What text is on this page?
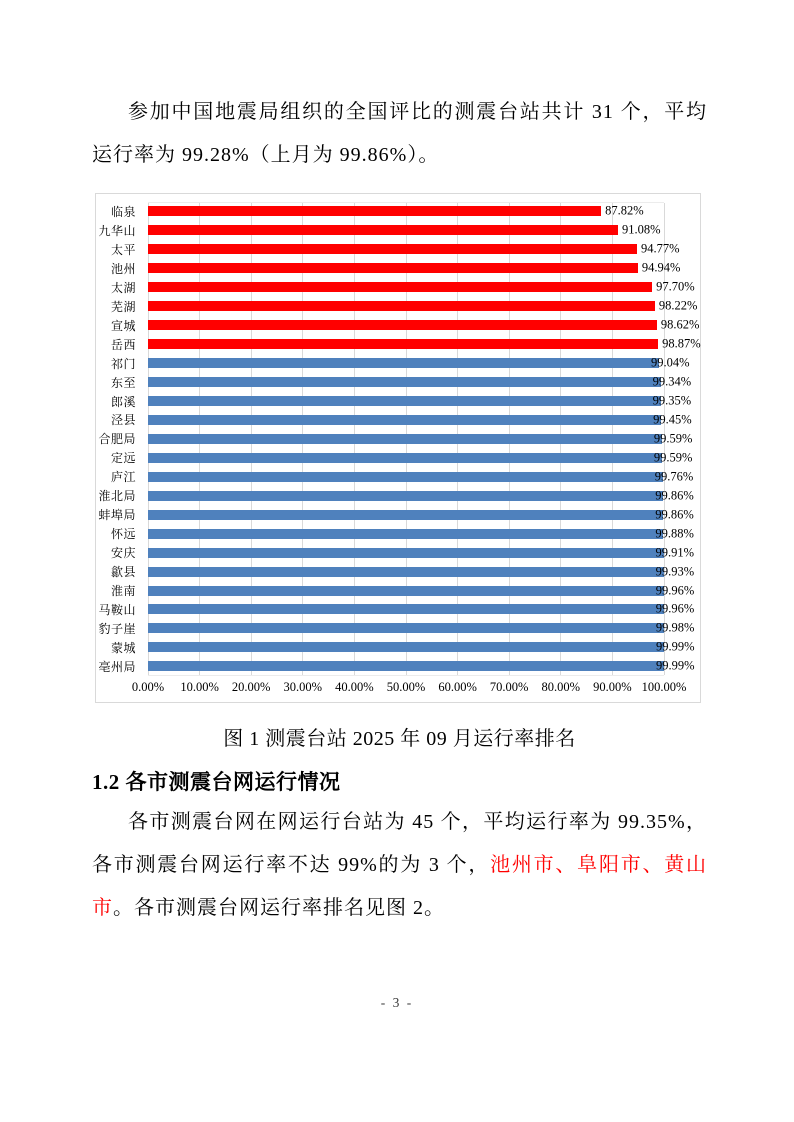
参加中国地震局组织的全国评比的测震台站共计 31 个，平均
运行率为 99.28%（上月为 99.86%）。
临泉	87.82%
九华山	91.08%
太平	94.77%
池州	94.94%
太湖	97.70%
芜湖	98.22%
宣城	98.62%
岳西	98.87%
祁门	99.04%
东至	99.34%
郎溪	99.35%
泾县	99.45%
合肥局	99.59%
定远	99.59%
庐江	99.76%
淮北局	99.86%
蚌埠局	99.86%
怀远	99.88%
安庆	99.91%
歙县	99.93%
淮南	99.96%
马鞍山	99.96%
豹子崖	99.98%
蒙城	99.99%
亳州局	99.99%
0.00% 10.00% 20.00% 30.00% 40.00% 50.00% 60.00% 70.00% 80.00% 90.00% 100.00%
图 1 测震台站 2025 年 09 月运行率排名
1.2 各市测震台网运行情况
各市测震台网在网运行台站为 45 个，平均运行率为 99.35%，
各市测震台网运行率不达 99%的为 3 个，池州市、阜阳市、黄山
市。各市测震台网运行率排名见图 2。
- 3 -
